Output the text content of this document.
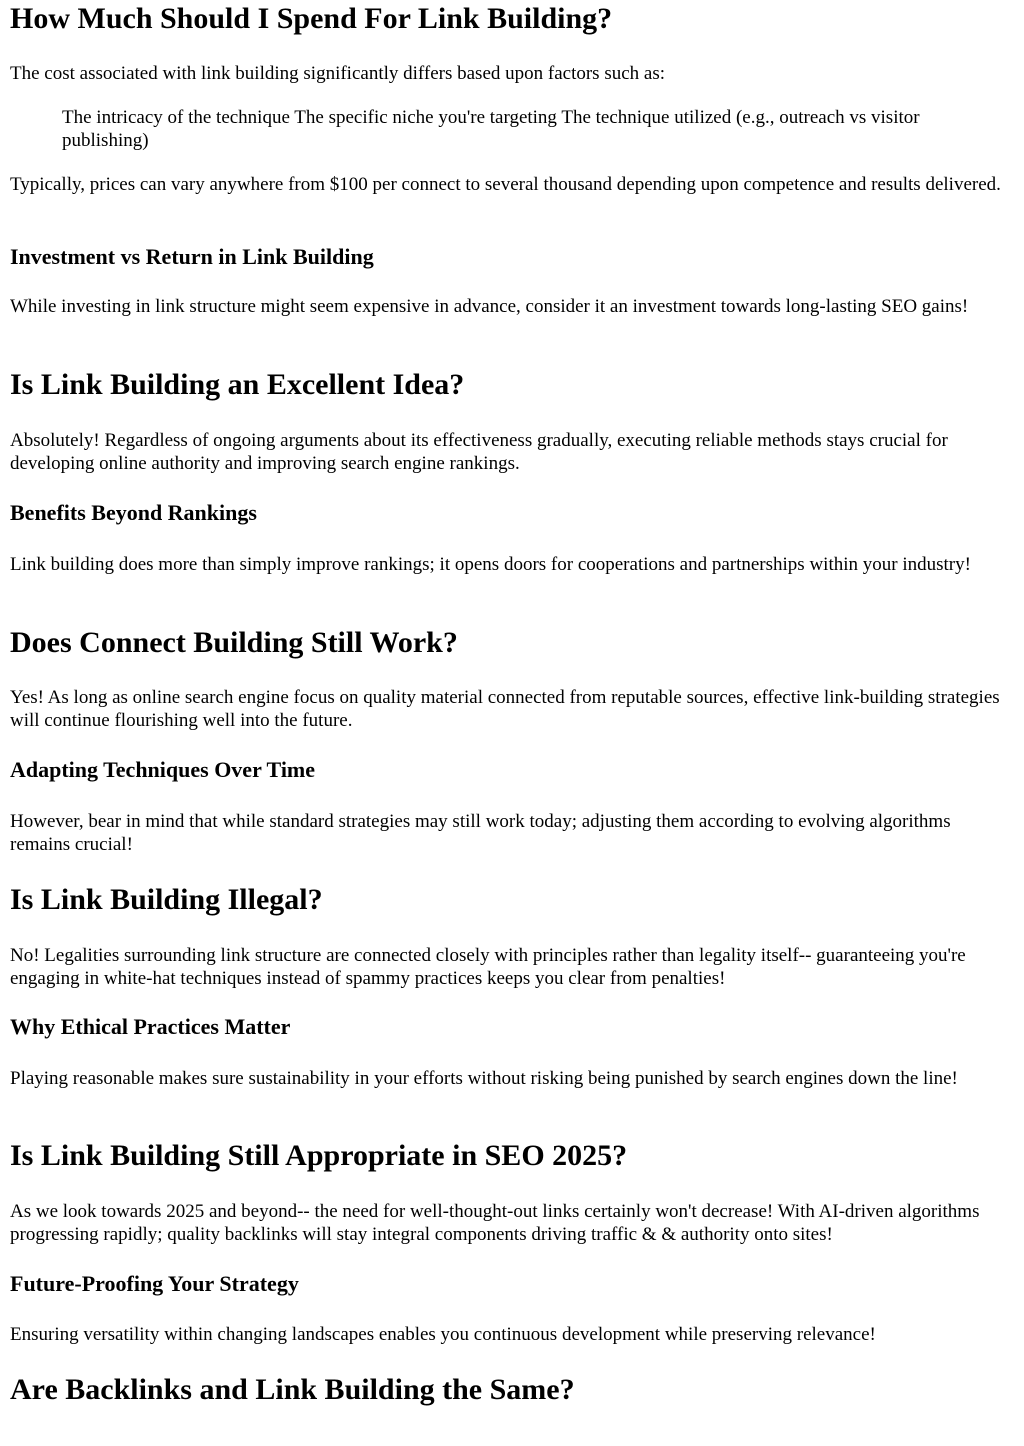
How Much Should I Spend For Link Building?

The cost associated with link building significantly differs based upon factors such as:

The intricacy of the technique The specific niche you're targeting The technique utilized (e.g., outreach vs visitor publishing)

Typically, prices can vary anywhere from $100 per connect to several thousand depending upon competence and results delivered.

Investment vs Return in Link Building

While investing in link structure might seem expensive in advance, consider it an investment towards long-lasting SEO gains!

Is Link Building an Excellent Idea?

Absolutely! Regardless of ongoing arguments about its effectiveness gradually, executing reliable methods stays crucial for developing online authority and improving search engine rankings.

Benefits Beyond Rankings

Link building does more than simply improve rankings; it opens doors for cooperations and partnerships within your industry!

Does Connect Building Still Work?

Yes! As long as online search engine focus on quality material connected from reputable sources, effective link-building strategies will continue flourishing well into the future.

Adapting Techniques Over Time

However, bear in mind that while standard strategies may still work today; adjusting them according to evolving algorithms remains crucial!

Is Link Building Illegal?

No! Legalities surrounding link structure are connected closely with principles rather than legality itself-- guaranteeing you're engaging in white-hat techniques instead of spammy practices keeps you clear from penalties!

Why Ethical Practices Matter

Playing reasonable makes sure sustainability in your efforts without risking being punished by search engines down the line!

Is Link Building Still Appropriate in SEO 2025?

As we look towards 2025 and beyond-- the need for well-thought-out links certainly won't decrease! With AI-driven algorithms progressing rapidly; quality backlinks will stay integral components driving traffic & & authority onto sites!

Future-Proofing Your Strategy

Ensuring versatility within changing landscapes enables you continuous development while preserving relevance!

Are Backlinks and Link Building the Same?
